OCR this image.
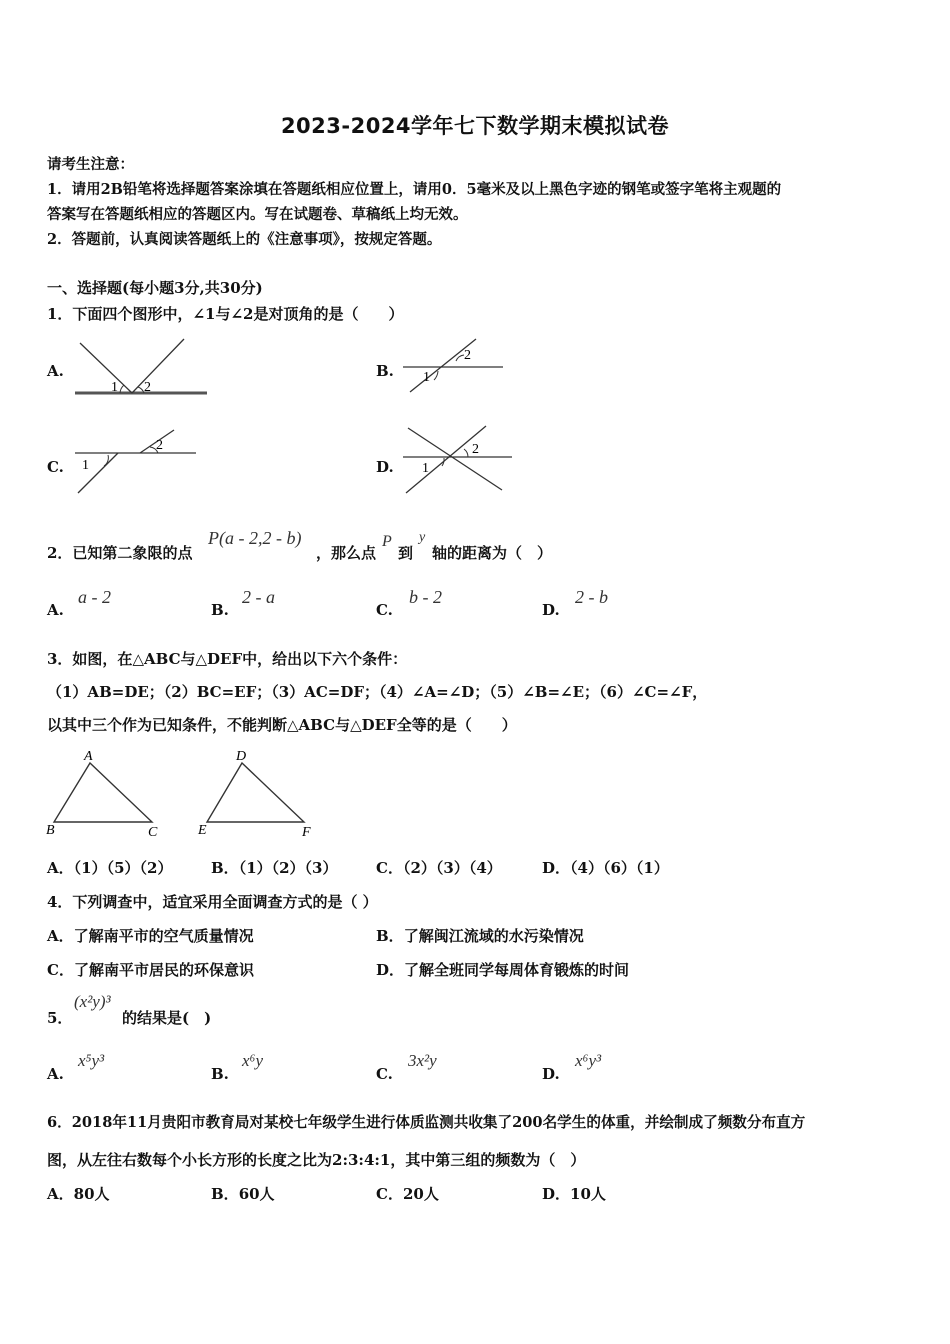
2023-2024学年七下数学期末模拟试卷
请考生注意：
1．请用2B铅笔将选择题答案涂填在答题纸相应位置上，请用0．5毫米及以上黑色字迹的钢笔或签字笔将主观题的
答案写在答题纸相应的答题区内。写在试题卷、草稿纸上均无效。
2．答题前，认真阅读答题纸上的《注意事项》，按规定答题。
一、选择题(每小题3分,共30分)
1．下面四个图形中，∠1与∠2是对顶角的是（　　）
A.
1 2
B. 1
2
C. 1
2
D. 1
2
2．已知第二象限的点
P(a - 2,2 - b)
，那么点
P
到
y
轴的距离为（　）
A.
a - 2
B.
2 - a
C.
b - 2
D.
2 - b
3．如图，在△ABC与△DEF中，给出以下六个条件：
（1）AB=DE；（2）BC=EF；（3）AC=DF；（4）∠A=∠D；（5）∠B=∠E；（6）∠C=∠F，
以其中三个作为已知条件，不能判断△ABC与△DEF全等的是（　　）
A
B	C
D
E	F
A．（1）（5）（2）	B．（1）（2）（3）	C．（2）（3）（4）	D．（4）（6）（1）
4．下列调查中，适宜采用全面调查方式的是（ ）
A．了解南平市的空气质量情况	B．了解闽江流域的水污染情况
C．了解南平市居民的环保意识	D．了解全班同学每周体育锻炼的时间
5．
(x²y)³
的结果是(　)
A.
x⁵y³
B.
x⁶y
C.
3x²y
D.
x⁶y³
6．2018年11月贵阳市教育局对某校七年级学生进行体质监测共收集了200名学生的体重，并绘制成了频数分布直方
图，从左往右数每个小长方形的长度之比为2:3:4:1，其中第三组的频数为（　）
A．80人	B．60人	C．20人	D．10人
